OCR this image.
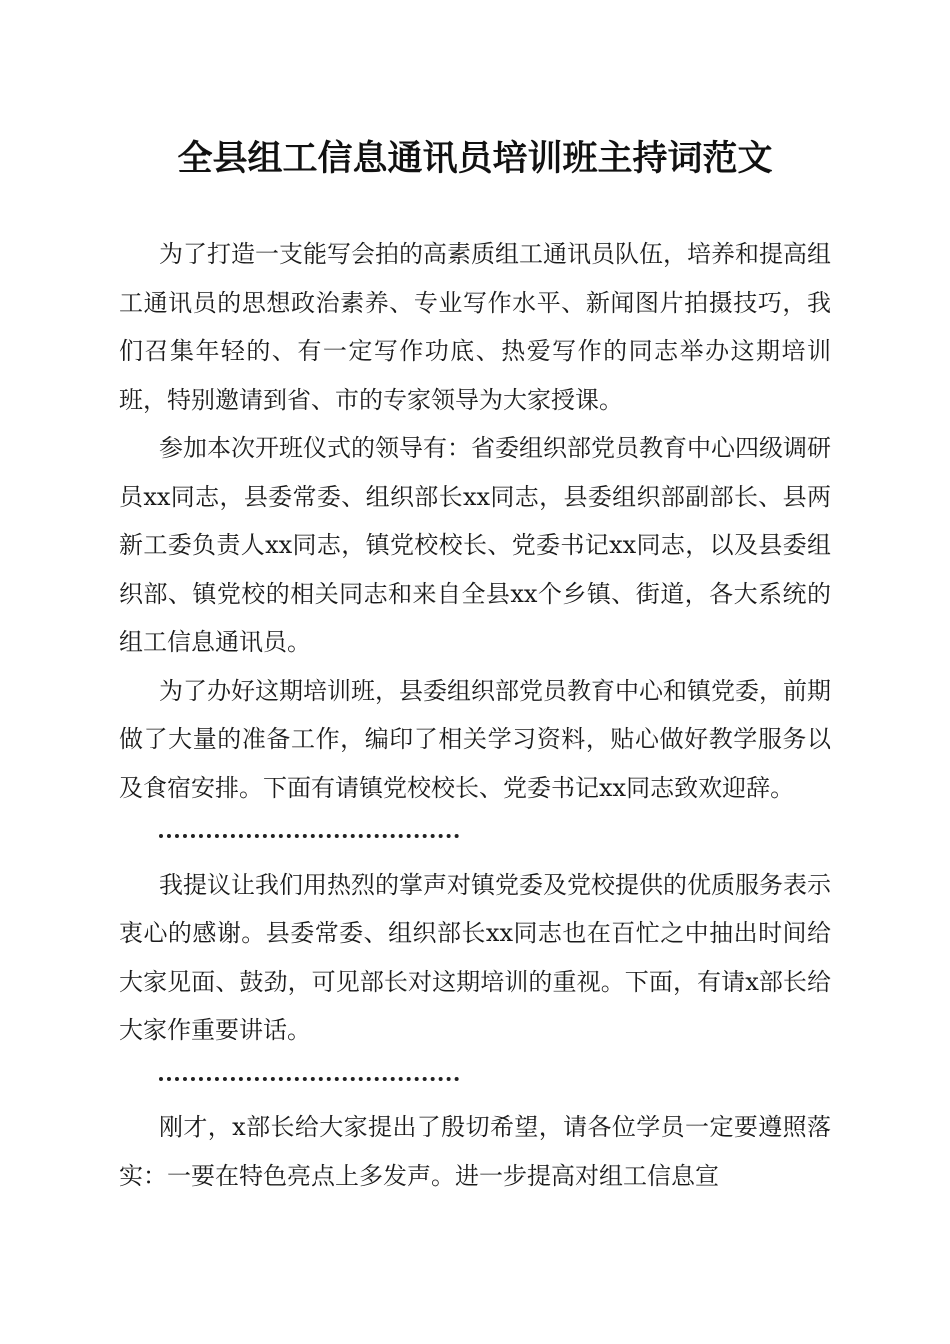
全县组工信息通讯员培训班主持词范文

为了打造一支能写会拍的高素质组工通讯员队伍，培养和提高组工通讯员的思想政治素养、专业写作水平、新闻图片拍摄技巧，我们召集年轻的、有一定写作功底、热爱写作的同志举办这期培训班，特别邀请到省、市的专家领导为大家授课。

参加本次开班仪式的领导有：省委组织部党员教育中心四级调研员xx同志，县委常委、组织部长xx同志，县委组织部副部长、县两新工委负责人xx同志，镇党校校长、党委书记xx同志，以及县委组织部、镇党校的相关同志和来自全县xx个乡镇、街道，各大系统的组工信息通讯员。

为了办好这期培训班，县委组织部党员教育中心和镇党委，前期做了大量的准备工作，编印了相关学习资料，贴心做好教学服务以及食宿安排。下面有请镇党校校长、党委书记xx同志致欢迎辞。

我提议让我们用热烈的掌声对镇党委及党校提供的优质服务表示衷心的感谢。县委常委、组织部长xx同志也在百忙之中抽出时间给大家见面、鼓劲，可见部长对这期培训的重视。下面，有请x部长给大家作重要讲话。

刚才，x部长给大家提出了殷切希望，请各位学员一定要遵照落实：一要在特色亮点上多发声。进一步提高对组工信息宣
